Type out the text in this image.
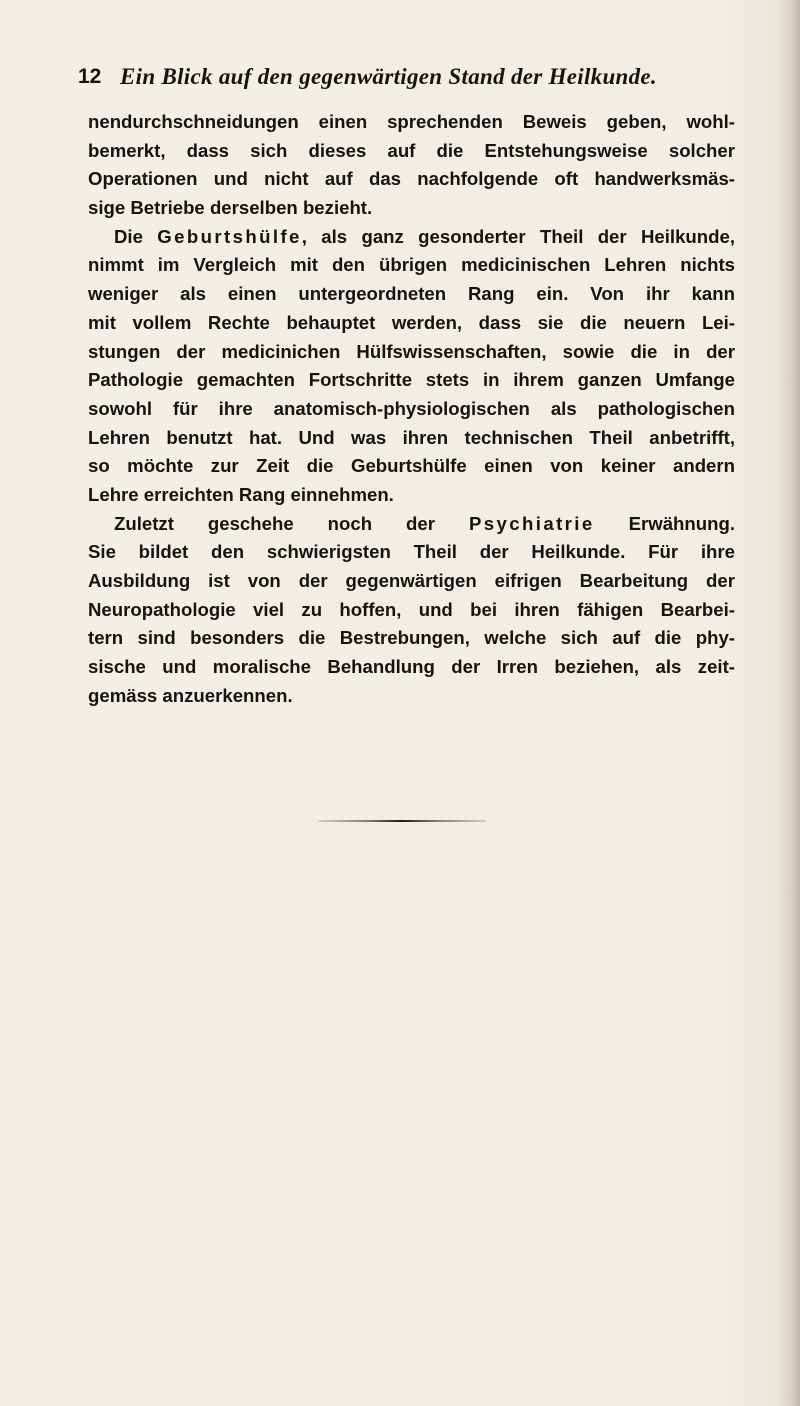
12 Ein Blick auf den gegenwärtigen Stand der Heilkunde.
nendurchschneidungen einen sprechenden Beweis geben, wohl-
bemerkt, dass sich dieses auf die Entstehungsweise solcher
Operationen und nicht auf das nachfolgende oft handwerksmäs-
sige Betriebe derselben bezieht.
Die Geburtshülfe, als ganz gesonderter Theil der Heilkunde,
nimmt im Vergleich mit den übrigen medicinischen Lehren nichts
weniger als einen untergeordneten Rang ein. Von ihr kann
mit vollem Rechte behauptet werden, dass sie die neuern Lei-
stungen der medicinichen Hülfswissenschaften, sowie die in der
Pathologie gemachten Fortschritte stets in ihrem ganzen Umfange
sowohl für ihre anatomisch-physiologischen als pathologischen
Lehren benutzt hat. Und was ihren technischen Theil anbetrifft,
so möchte zur Zeit die Geburtshülfe einen von keiner andern
Lehre erreichten Rang einnehmen.
Zuletzt geschehe noch der Psychiatrie Erwähnung.
Sie bildet den schwierigsten Theil der Heilkunde. Für ihre
Ausbildung ist von der gegenwärtigen eifrigen Bearbeitung der
Neuropathologie viel zu hoffen, und bei ihren fähigen Bearbei-
tern sind besonders die Bestrebungen, welche sich auf die phy-
sische und moralische Behandlung der Irren beziehen, als zeit-
gemäss anzuerkennen.
